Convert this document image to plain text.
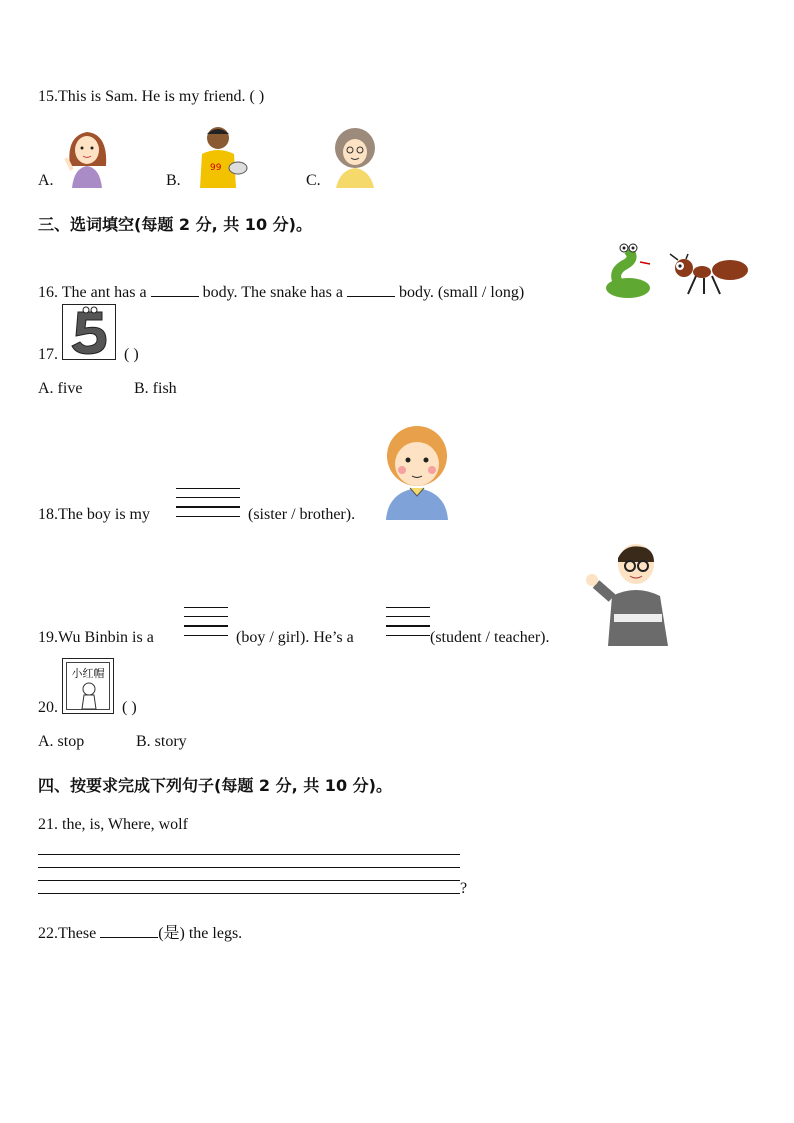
15.This is Sam. He is my friend. ( )
A.	B.
99
C.
三、选词填空(每题 2 分, 共 10 分)。
16. The ant has a	body. The snake has a	body. (small / long)
17.	( )
A. five	B. fish
18.The boy is my	(sister / brother).
19.Wu Binbin is a	(boy / girl). He’s a	(student / teacher).
20.
小红帽
( )
A. stop	B. story
四、按要求完成下列句子(每题 2 分, 共 10 分)。
21. the, is, Where, wolf
?
22.These	(是) the legs.
